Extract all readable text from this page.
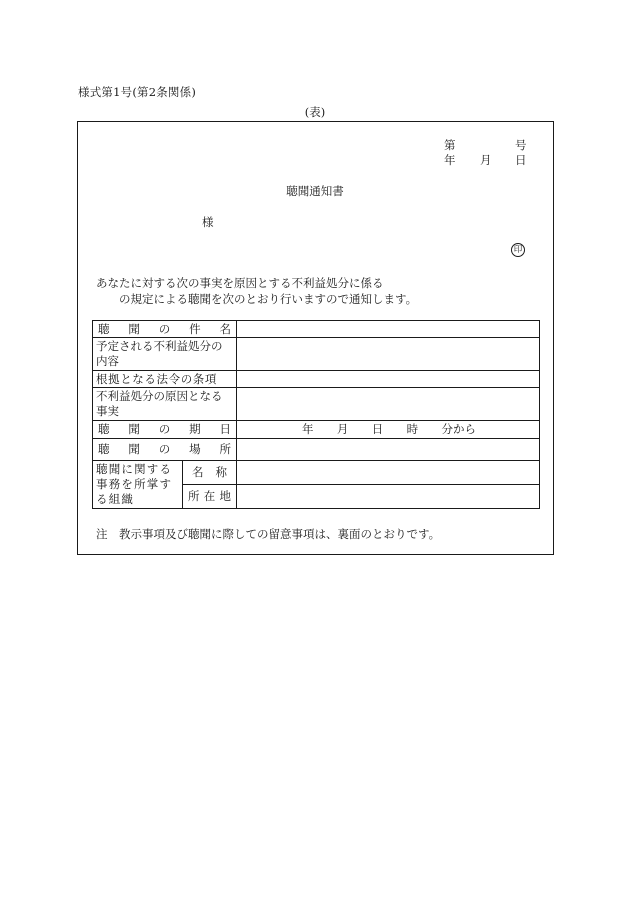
様式第1号(第2条関係)
(表)
第	号
年 月 日
聴聞通知書
様
印
あなたに対する次の事実を原因とする不利益処分に係る
の規定による聴聞を次のとおり行いますので通知します。
聴 聞 の 件 名		

予定される不利益処分の内容		
根拠となる法令の条項		
不利益処分の原因となる事実		

聴 聞 の 期 日		年 月 日 時 分から

聴 聞 の 場 所		

聴聞に関する事務を所掌する組織	名 称	

	所 在 地	

注　教示事項及び聴聞に際しての留意事項は、裏面のとおりです。
